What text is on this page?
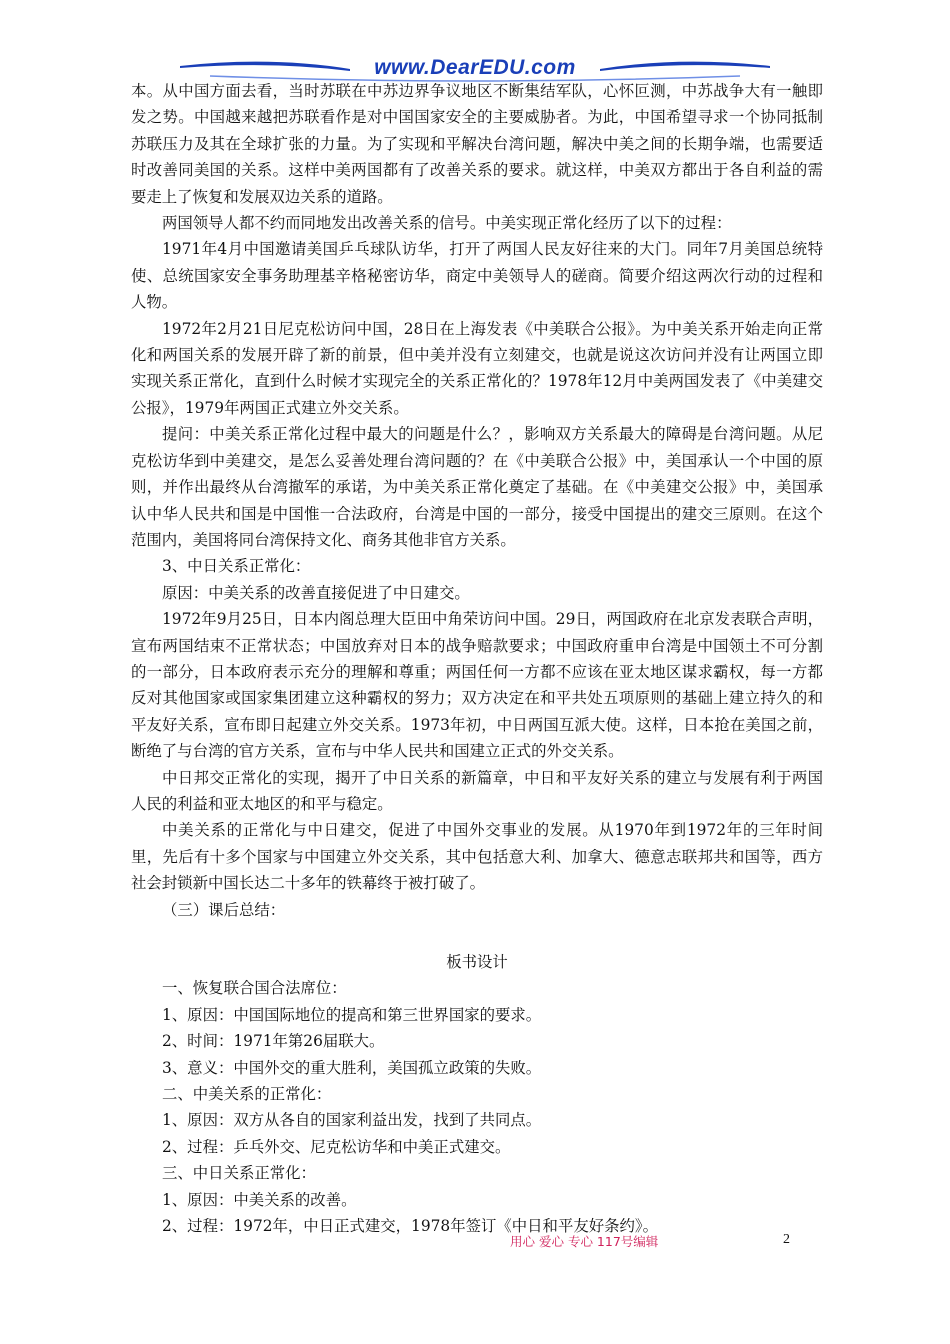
www.DearEDU.com

本。从中国方面去看，当时苏联在中苏边界争议地区不断集结军队，心怀叵测，中苏战争大有一触即发之势。中国越来越把苏联看作是对中国国家安全的主要威胁者。为此，中国希望寻求一个协同抵制苏联压力及其在全球扩张的力量。为了实现和平解决台湾问题，解决中美之间的长期争端，也需要适时改善同美国的关系。这样中美两国都有了改善关系的要求。就这样，中美双方都出于各自利益的需要走上了恢复和发展双边关系的道路。

两国领导人都不约而同地发出改善关系的信号。中美实现正常化经历了以下的过程：

1971年4月中国邀请美国乒乓球队访华，打开了两国人民友好往来的大门。同年7月美国总统特使、总统国家安全事务助理基辛格秘密访华，商定中美领导人的磋商。简要介绍这两次行动的过程和人物。

1972年2月21日尼克松访问中国，28日在上海发表《中美联合公报》。为中美关系开始走向正常化和两国关系的发展开辟了新的前景，但中美并没有立刻建交，也就是说这次访问并没有让两国立即实现关系正常化，直到什么时候才实现完全的关系正常化的？1978年12月中美两国发表了《中美建交公报》，1979年两国正式建立外交关系。

提问：中美关系正常化过程中最大的问题是什么？，影响双方关系最大的障碍是台湾问题。从尼克松访华到中美建交，是怎么妥善处理台湾问题的？在《中美联合公报》中，美国承认一个中国的原则，并作出最终从台湾撤军的承诺，为中美关系正常化奠定了基础。在《中美建交公报》中，美国承认中华人民共和国是中国惟一合法政府，台湾是中国的一部分，接受中国提出的建交三原则。在这个范围内，美国将同台湾保持文化、商务其他非官方关系。

3、中日关系正常化：

原因：中美关系的改善直接促进了中日建交。

1972年9月25日，日本内阁总理大臣田中角荣访问中国。29日，两国政府在北京发表联合声明，宣布两国结束不正常状态；中国放弃对日本的战争赔款要求；中国政府重申台湾是中国领土不可分割的一部分，日本政府表示充分的理解和尊重；两国任何一方都不应该在亚太地区谋求霸权，每一方都反对其他国家或国家集团建立这种霸权的努力；双方决定在和平共处五项原则的基础上建立持久的和平友好关系，宣布即日起建立外交关系。1973年初，中日两国互派大使。这样，日本抢在美国之前，断绝了与台湾的官方关系，宣布与中华人民共和国建立正式的外交关系。

中日邦交正常化的实现，揭开了中日关系的新篇章，中日和平友好关系的建立与发展有利于两国人民的利益和亚太地区的和平与稳定。

中美关系的正常化与中日建交，促进了中国外交事业的发展。从1970年到1972年的三年时间里，先后有十多个国家与中国建立外交关系，其中包括意大利、加拿大、德意志联邦共和国等，西方社会封锁新中国长达二十多年的铁幕终于被打破了。

（三）课后总结：

板书设计

一、恢复联合国合法席位：

1、原因：中国国际地位的提高和第三世界国家的要求。

2、时间：1971年第26届联大。

3、意义：中国外交的重大胜利，美国孤立政策的失败。

二、中美关系的正常化：

1、原因：双方从各自的国家利益出发，找到了共同点。

2、过程：乒乓外交、尼克松访华和中美正式建交。

三、中日关系正常化：

1、原因：中美关系的改善。

2、过程：1972年，中日正式建交，1978年签订《中日和平友好条约》。

用心 爱心 专心 117号编辑	2
